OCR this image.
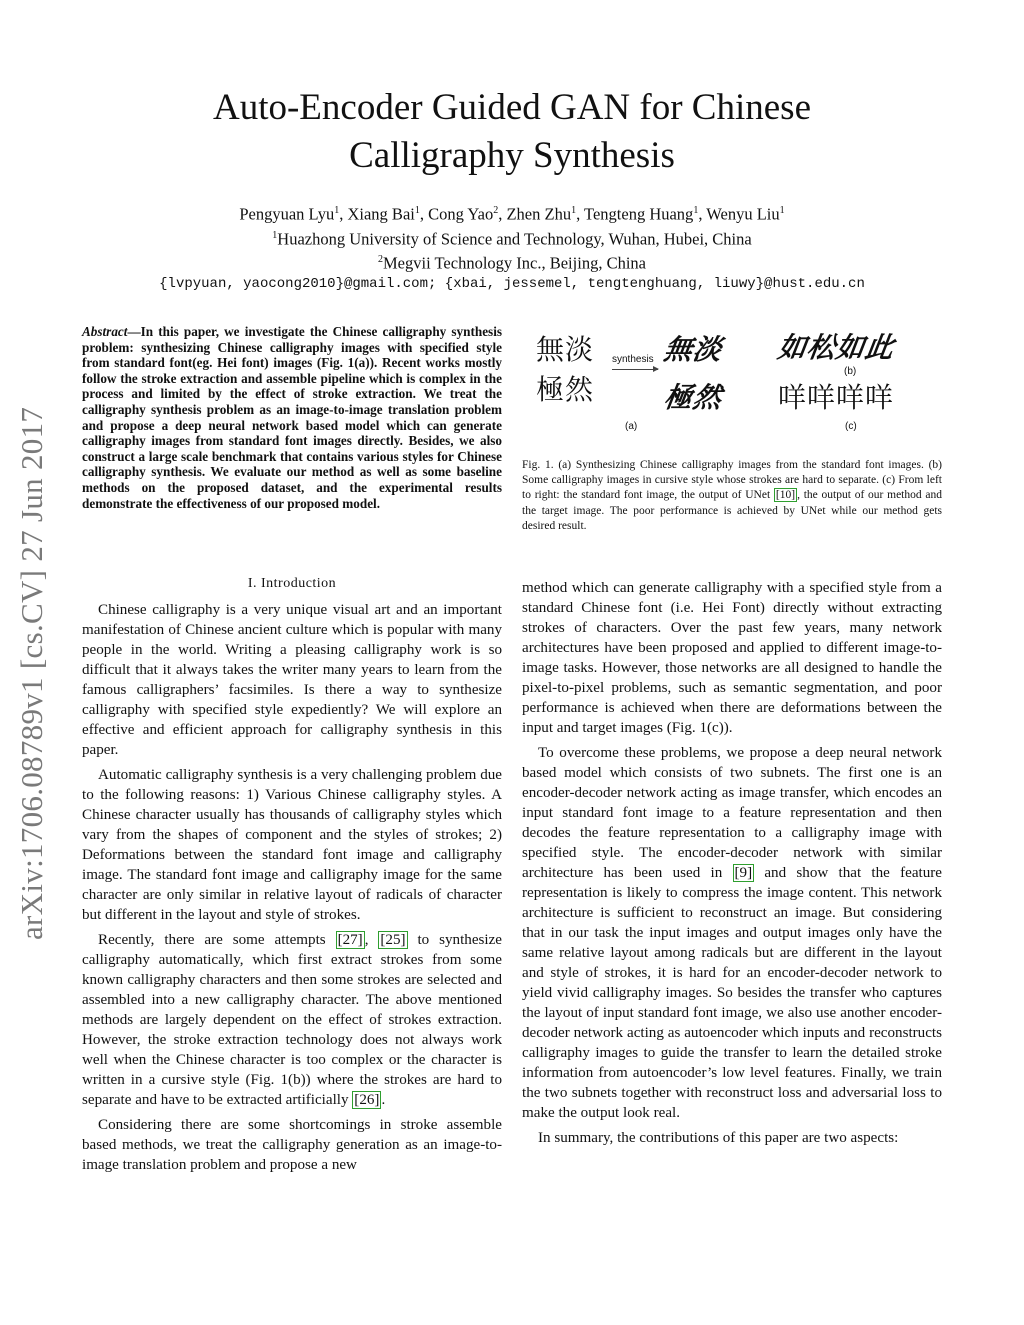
arXiv:1706.08789v1 [cs.CV] 27 Jun 2017
Auto-Encoder Guided GAN for Chinese
Calligraphy Synthesis
Pengyuan Lyu$^1$, Xiang Bai$^1$, Cong Yao$^2$, Zhen Zhu$^1$, Tengteng Huang$^1$, Wenyu Liu$^1$
$^1$Huazhong University of Science and Technology, Wuhan, Hubei, China
$^2$Megvii Technology Inc., Beijing, China
{lvpyuan, yaocong2010}@gmail.com; {xbai, jessemel, tengtenghuang, liuwy}@hust.edu.cn
Abstract—In this paper, we investigate the Chinese calligraphy synthesis problem: synthesizing Chinese calligraphy images with specified style from standard font(eg. Hei font) images (Fig. 1(a)). Recent works mostly follow the stroke extraction and assemble pipeline which is complex in the process and limited by the effect of stroke extraction. We treat the calligraphy synthesis problem as an image-to-image translation problem and propose a deep neural network based model which can generate calligraphy images from standard font images directly. Besides, we also construct a large scale benchmark that contains various styles for Chinese calligraphy synthesis. We evaluate our method as well as some baseline methods on the proposed dataset, and the experimental results demonstrate the effectiveness of our proposed model.
I. Introduction

Chinese calligraphy is a very unique visual art and an important manifestation of Chinese ancient culture which is popular with many people in the world. Writing a pleasing calligraphy work is so difficult that it always takes the writer many years to learn from the famous calligraphers’ facsimiles. Is there a way to synthesize calligraphy with specified style expediently? We will explore an effective and efficient approach for calligraphy synthesis in this paper.

Automatic calligraphy synthesis is a very challenging problem due to the following reasons: 1) Various Chinese calligraphy styles. A Chinese character usually has thousands of calligraphy styles which vary from the shapes of component and the styles of strokes; 2) Deformations between the standard font image and calligraphy image. The standard font image and calligraphy image for the same character are only similar in relative layout of radicals of character but different in the layout and style of strokes.

Recently, there are some attempts [27] , [25] to synthesize calligraphy automatically, which first extract strokes from some known calligraphy characters and then some strokes are selected and assembled into a new calligraphy character. The above mentioned methods are largely dependent on the effect of strokes extraction. However, the stroke extraction technology does not always work well when the Chinese character is too complex or the character is written in a cursive style (Fig. 1(b)) where the strokes are hard to separate and have to be extracted artificially [26] .

Considering there are some shortcomings in stroke assemble based methods, we treat the calligraphy generation as an image-to-image translation problem and propose a new

無淡
極然
synthesis 無淡
極然
如松如此
咩咩咩咩
(a)
(b)
(c)
Fig. 1. (a) Synthesizing Chinese calligraphy images from the standard font images. (b) Some calligraphy images in cursive style whose strokes are hard to separate. (c) From left to right: the standard font image, the output of UNet [10] , the output of our method and the target image. The poor performance is achieved by UNet while our method gets desired result.

method which can generate calligraphy with a specified style from a standard Chinese font (i.e. Hei Font) directly without extracting strokes of characters. Over the past few years, many network architectures have been proposed and applied to different image-to-image tasks. However, those networks are all designed to handle the pixel-to-pixel problems, such as semantic segmentation, and poor performance is achieved when there are deformations between the input and target images (Fig. 1(c)).

To overcome these problems, we propose a deep neural network based model which consists of two subnets. The first one is an encoder-decoder network acting as image transfer, which encodes an input standard font image to a feature representation and then decodes the feature representation to a calligraphy image with specified style. The encoder-decoder network with similar architecture has been used in [9] and show that the feature representation is likely to compress the image content. This network architecture is sufficient to reconstruct an image. But considering that in our task the input images and output images only have the same relative layout among radicals but are different in the layout and style of strokes, it is hard for an encoder-decoder network to yield vivid calligraphy images. So besides the transfer who captures the layout of input standard font image, we also use another encoder-decoder network acting as autoencoder which inputs and reconstructs calligraphy images to guide the transfer to learn the detailed stroke information from autoencoder’s low level features. Finally, we train the two subnets together with reconstruct loss and adversarial loss to make the output look real.

In summary, the contributions of this paper are two aspects:
